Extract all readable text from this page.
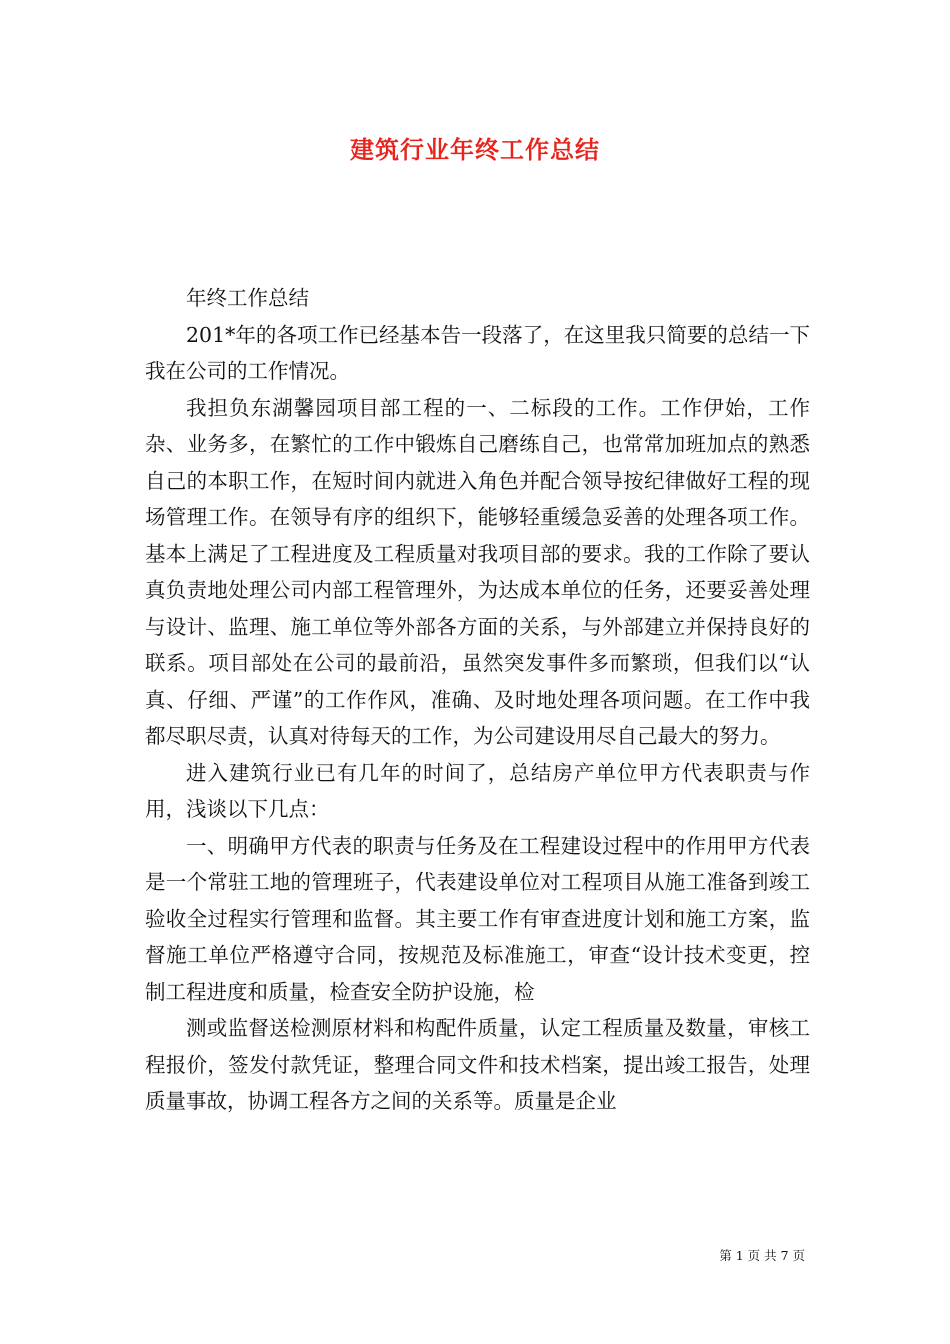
建筑行业年终工作总结

年终工作总结

201*年的各项工作已经基本告一段落了，在这里我只简要的总结一下我在公司的工作情况。

我担负东湖馨园项目部工程的一、二标段的工作。工作伊始，工作杂、业务多，在繁忙的工作中锻炼自己磨练自己，也常常加班加点的熟悉自己的本职工作，在短时间内就进入角色并配合领导按纪律做好工程的现场管理工作。在领导有序的组织下，能够轻重缓急妥善的处理各项工作。基本上满足了工程进度及工程质量对我项目部的要求。我的工作除了要认真负责地处理公司内部工程管理外，为达成本单位的任务，还要妥善处理与设计、监理、施工单位等外部各方面的关系，与外部建立并保持良好的联系。项目部处在公司的最前沿，虽然突发事件多而繁琐，但我们以“认真、仔细、严谨”的工作作风，准确、及时地处理各项问题。在工作中我都尽职尽责，认真对待每天的工作，为公司建设用尽自己最大的努力。

进入建筑行业已有几年的时间了，总结房产单位甲方代表职责与作用，浅谈以下几点：

一、明确甲方代表的职责与任务及在工程建设过程中的作用甲方代表是一个常驻工地的管理班子，代表建设单位对工程项目从施工准备到竣工验收全过程实行管理和监督。其主要工作有审查进度计划和施工方案，监督施工单位严格遵守合同，按规范及标准施工，审查“设计技术变更，控制工程进度和质量，检查安全防护设施，检

测或监督送检测原材料和构配件质量，认定工程质量及数量，审核工程报价，签发付款凭证，整理合同文件和技术档案，提出竣工报告，处理质量事故，协调工程各方之间的关系等。质量是企业

第 1 页 共 7 页
